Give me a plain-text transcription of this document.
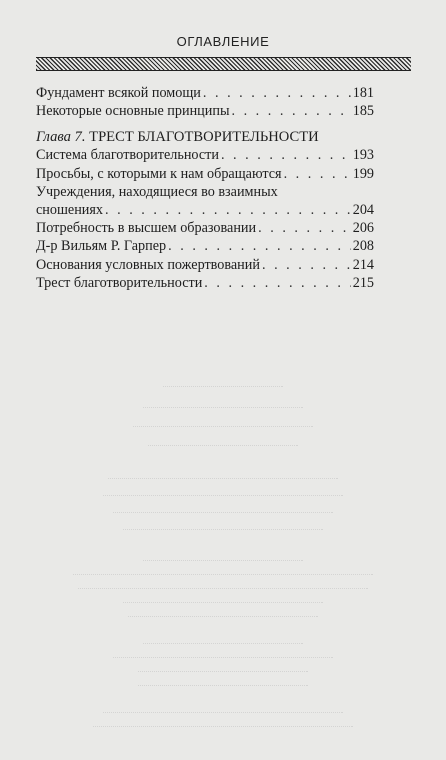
ОГЛАВЛЕНИЕ
Фундамент всякой помощи . . .	181
Некоторые основные принципы . . .	185
Глава 7. ТРЕСТ БЛАГОТВОРИТЕЛЬНОСТИ
Система благотворительности . . .	193
Просьбы, с которыми к нам обращаются . . .	199
Учреждения, находящиеся во взаимных
сношениях . . .	204
Потребность в высшем образовании . . .	206
Д-р Вильям Р. Гарпер . . .	208
Основания условных пожертвований . . .	214
Трест благотворительности . . .	215
